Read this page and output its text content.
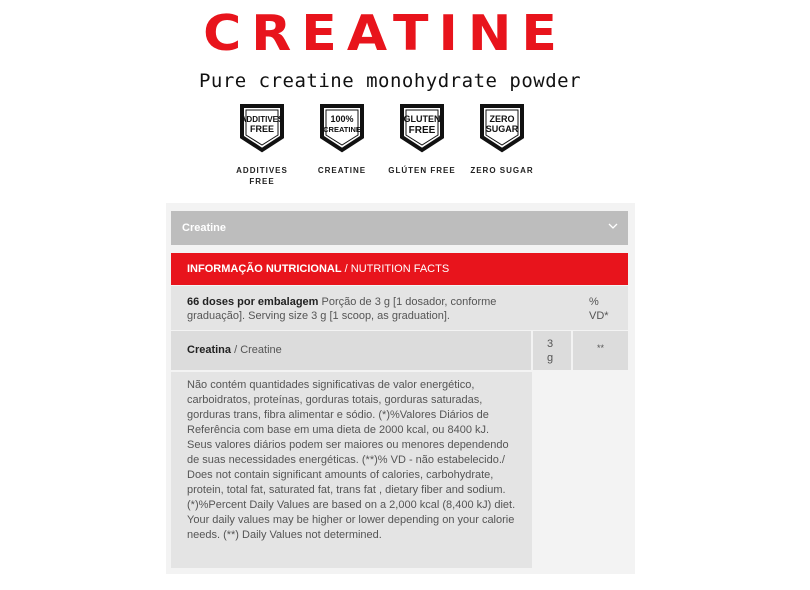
CREATINE
Pure creatine monohydrate powder
ADDITIVES
FREE
ADDITIVES FREE
100%
CREATINE
CREATINE
GLUTEN
FREE
GLÚTEN FREE
ZERO
SUGAR
ZERO SUGAR
Creatine
INFORMAÇÃO NUTRICIONAL / NUTRITION FACTS
66 doses por embalagem Porção de 3 g [1 dosador, conforme graduação]. Serving size 3 g [1 scoop, as graduation].
%
VD*
Creatina / Creatine	3
g
**
Não contém quantidades significativas de valor energético, carboidratos, proteínas, gorduras totais, gorduras saturadas, gorduras trans, fibra alimentar e sódio. (*)%Valores Diários de Referência com base em uma dieta de 2000 kcal, ou 8400 kJ. Seus valores diários podem ser maiores ou menores dependendo de suas necessidades energéticas. (**)% VD - não estabelecido./ Does not contain significant amounts of calories, carbohydrate, protein, total fat, saturated fat, trans fat , dietary fiber and sodium. (*)%Percent Daily Values are based on a 2,000 kcal (8,400 kJ) diet. Your daily values may be higher or lower depending on your calorie needs. (**) Daily Values not determined.
